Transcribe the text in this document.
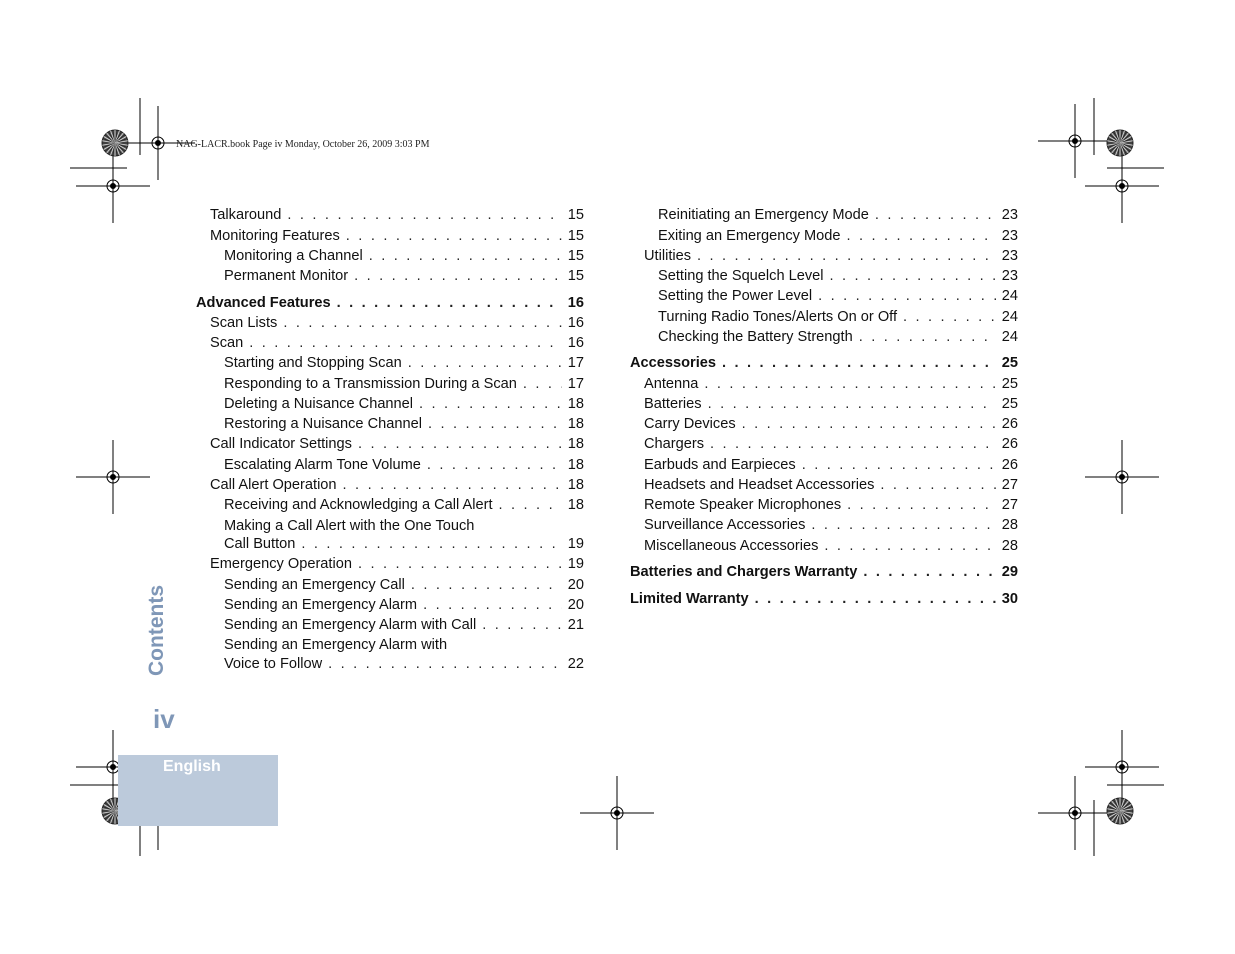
NAG-LACR.book Page iv Monday, October 26, 2009 3:03 PM
Talkaround . . .	15
Monitoring Features . . .	15
Monitoring a Channel . . .	15
Permanent Monitor . . .	15
Advanced Features . . .	16
Scan Lists . . .	16
Scan . . .	16
Starting and Stopping Scan . . .	17
Responding to a Transmission During a Scan . . .	17
Deleting a Nuisance Channel . . .	18
Restoring a Nuisance Channel . . .	18
Call Indicator Settings . . .	18
Escalating Alarm Tone Volume . . .	18
Call Alert Operation . . .	18
Receiving and Acknowledging a Call Alert . . .	18
Making a Call Alert with the One Touch
Call Button . . .	19
Emergency Operation . . .	19
Sending an Emergency Call . . .	20
Sending an Emergency Alarm . . .	20
Sending an Emergency Alarm with Call . . .	21
Sending an Emergency Alarm with
Voice to Follow . . .	22
Reinitiating an Emergency Mode . . .	23
Exiting an Emergency Mode . . .	23
Utilities . . .	23
Setting the Squelch Level . . .	23
Setting the Power Level . . .	24
Turning Radio Tones/Alerts On or Off . . .	24
Checking the Battery Strength . . .	24
Accessories . . .	25
Antenna . . .	25
Batteries . . .	25
Carry Devices . . .	26
Chargers . . .	26
Earbuds and Earpieces . . .	26
Headsets and Headset Accessories . . .	27
Remote Speaker Microphones . . .	27
Surveillance Accessories . . .	28
Miscellaneous Accessories . . .	28
Batteries and Chargers Warranty . . .	29
Limited Warranty . . .	30
Contents
iv
English
